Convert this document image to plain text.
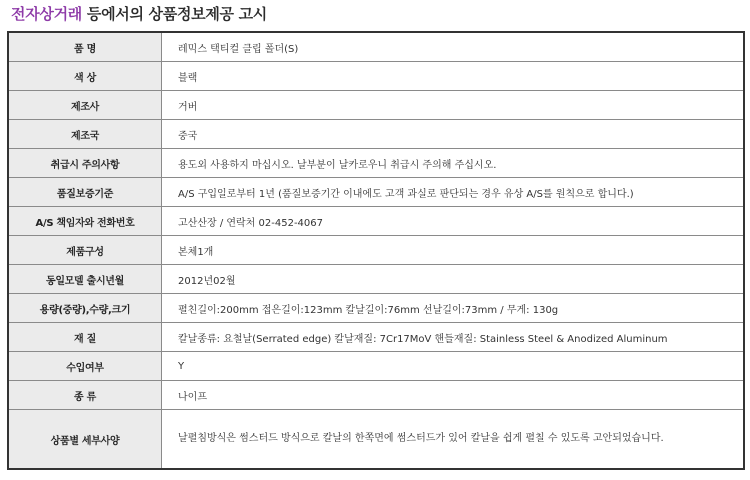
전자상거래 등에서의 상품정보제공 고시
품 명	레믹스 택티컬 클립 폴더(S)
색 상	블랙
제조사	거버
제조국	중국
취급시 주의사항	용도외 사용하지 마십시오. 날부분이 날카로우니 취급시 주의해 주십시오.
품질보증기준	A/S 구입일로부터 1년 (품질보증기간 이내에도 고객 과실로 판단되는 경우 유상 A/S를 원칙으로 합니다.)
A/S 책임자와 전화번호	고산산장 / 연락처 02-452-4067
제품구성	본체1개
동일모델 출시년월	2012년02월
용량(중량),수량,크기	펼친길이:200mm 접은길이:123mm 칼날길이:76mm 선날길이:73mm / 무게: 130g
재 질	칼날종류: 요철날(Serrated edge) 칼날재질: 7Cr17MoV 핸들재질: Stainless Steel & Anodized Aluminum
수입여부	Y
종 류	나이프
상품별 세부사양	날펼침방식은 썸스터드 방식으로 칼날의 한쪽면에 썸스터드가 있어 칼날을 쉽게 펼칠 수 있도록 고안되었습니다.
